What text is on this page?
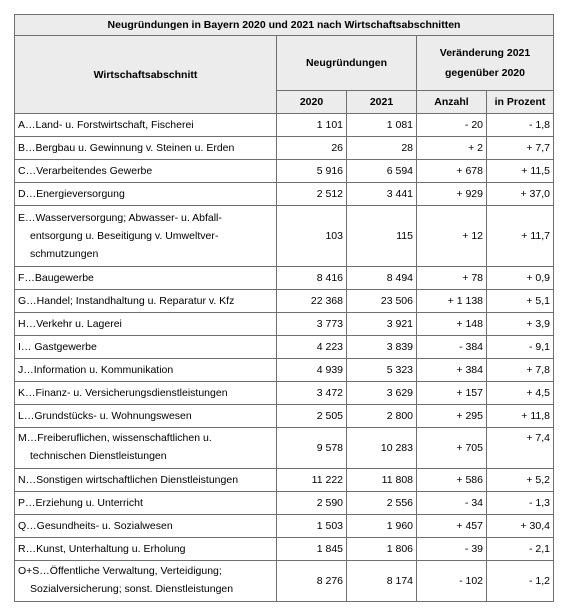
Neugründungen in Bayern 2020 und 2021 nach Wirtschaftsabschnitten				
Wirtschaftsabschnitt	Neugründungen		Veränderung 2021
gegenüber 2020	
	2020	2021	Anzahl	in Prozent

A…Land- u. Forstwirtschaft, Fischerei	1 101	1 081	- 20	- 1,8

B…Bergbau u. Gewinnung v. Steinen u. Erden	26	28	+ 2	+ 7,7

C…Verarbeitendes Gewerbe	5 916	6 594	+ 678	+ 11,5

D…Energieversorgung	2 512	3 441	+ 929	+ 37,0

E…Wasserversorgung; Abwasser- u. Abfall-
entsorgung u. Beseitigung v. Umweltver-
schmutzungen	103	115	+ 12	+ 11,7

F…Baugewerbe	8 416	8 494	+ 78	+ 0,9

G…Handel; Instandhaltung u. Reparatur v. Kfz	22 368	23 506	+ 1 138	+ 5,1

H…Verkehr u. Lagerei	3 773	3 921	+ 148	+ 3,9

I… Gastgewerbe	4 223	3 839	- 384	- 9,1

J…Information u. Kommunikation	4 939	5 323	+ 384	+ 7,8

K…Finanz- u. Versicherungsdienstleistungen	3 472	3 629	+ 157	+ 4,5

L…Grundstücks- u. Wohnungswesen	2 505	2 800	+ 295	+ 11,8

M…Freiberuflichen, wissenschaftlichen u.
technischen Dienstleistungen	9 578	10 283	+ 705	+ 7,4

N…Sonstigen wirtschaftlichen Dienstleistungen	11 222	11 808	+ 586	+ 5,2

P…Erziehung u. Unterricht	2 590	2 556	- 34	- 1,3

Q…Gesundheits- u. Sozialwesen	1 503	1 960	+ 457	+ 30,4

R…Kunst, Unterhaltung u. Erholung	1 845	1 806	- 39	- 2,1

O+S…Öffentliche Verwaltung, Verteidigung;
Sozialversicherung; sonst. Dienstleistungen	8 276	8 174	- 102	- 1,2
